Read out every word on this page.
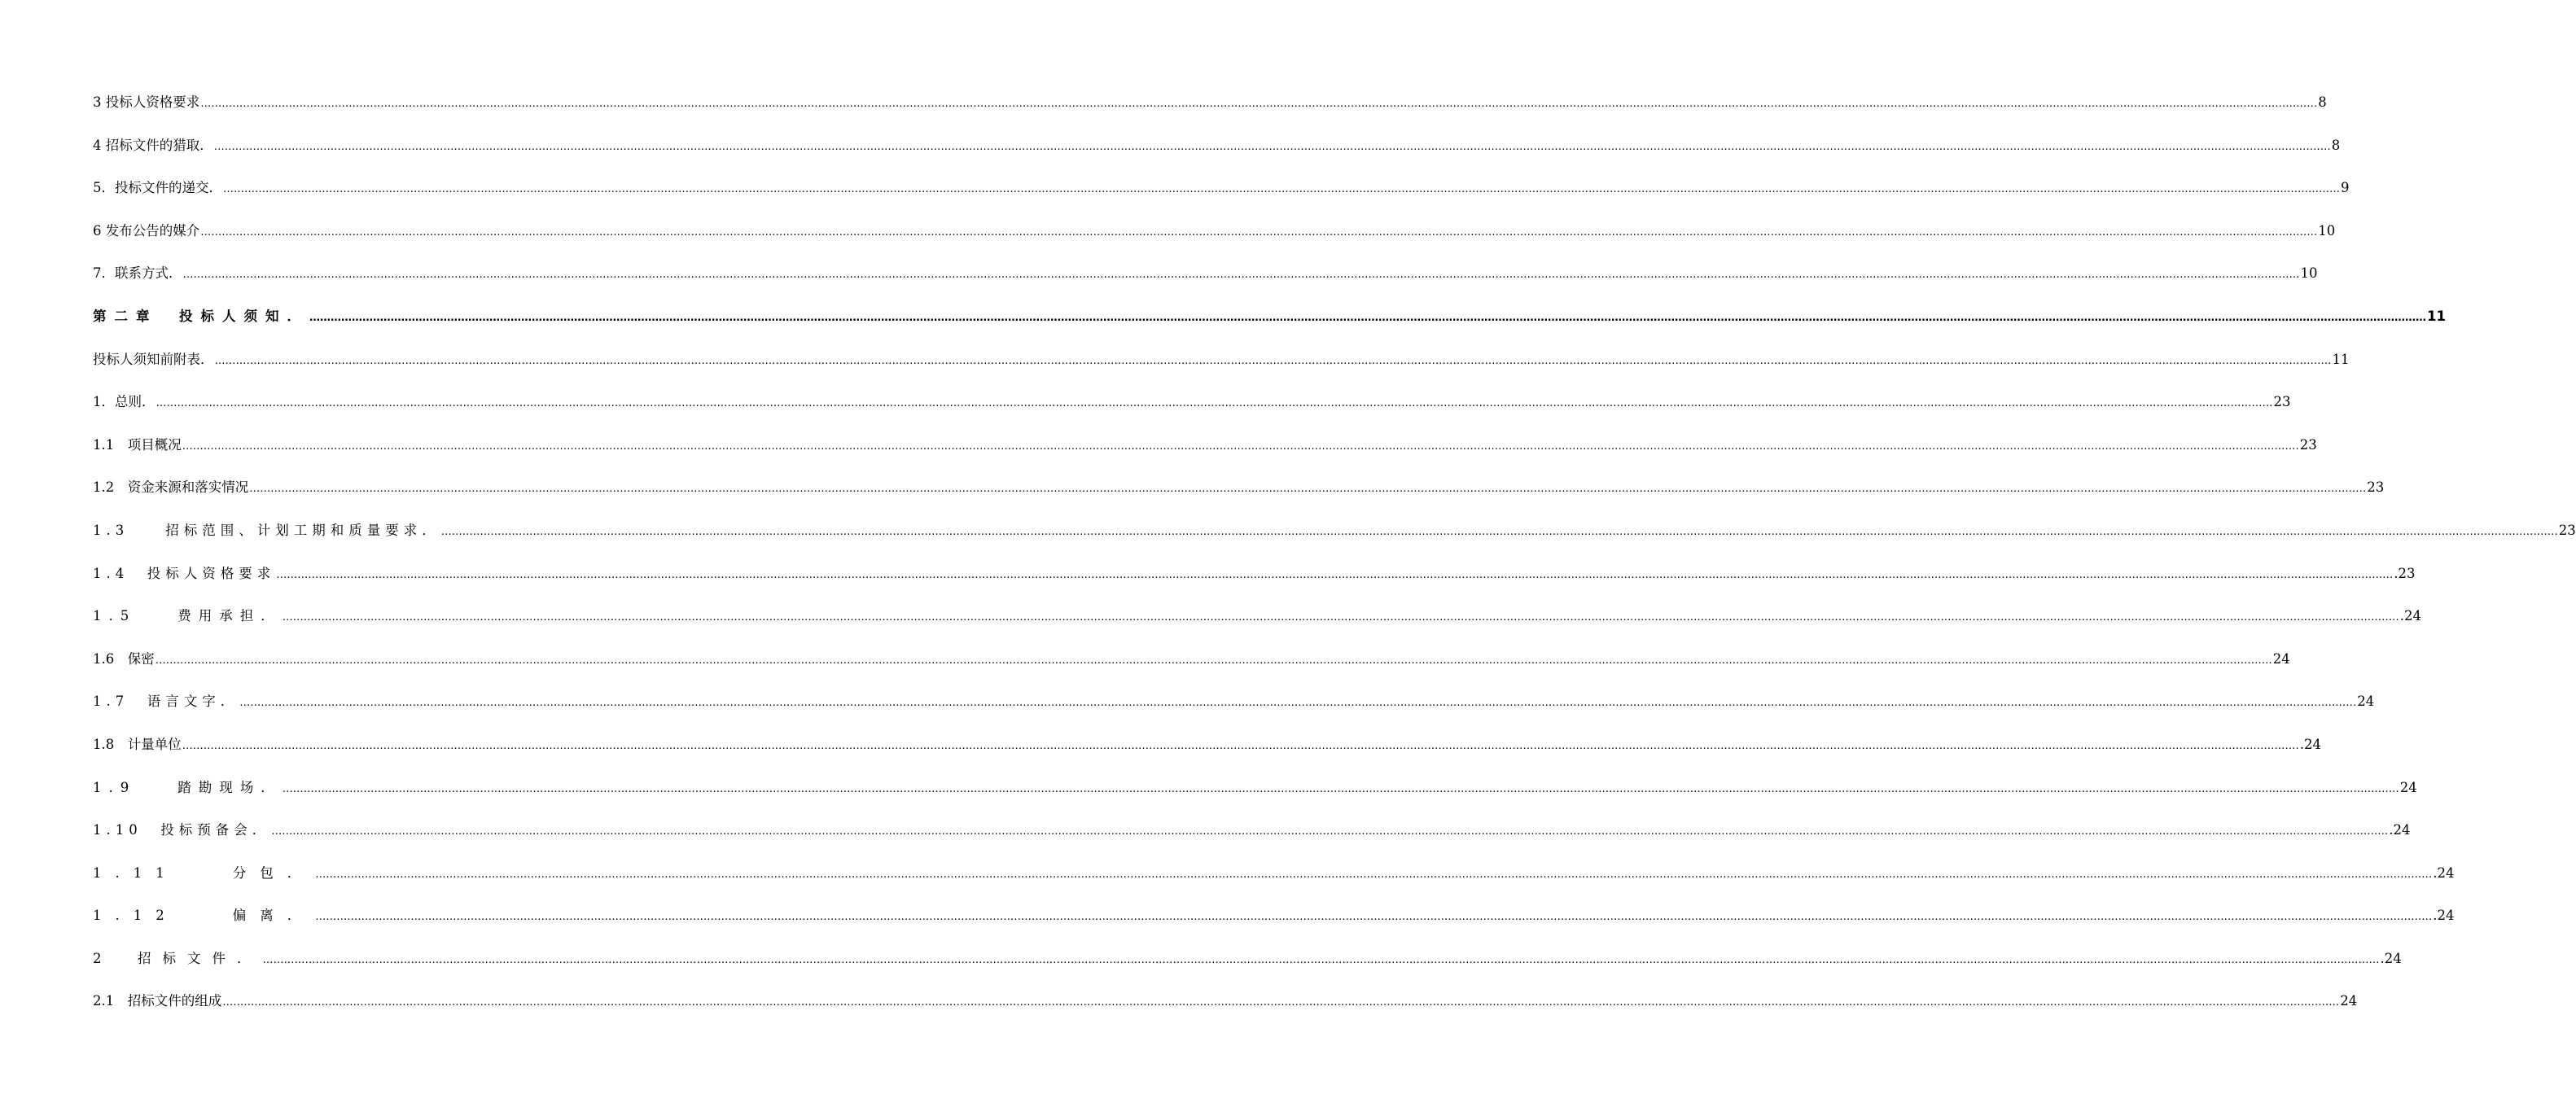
3 投标人资格要求 …………………………………………………………………………………………………………………………………………………………………………………………………………………………………………………………………………………………………………………………………………………………………………………………………………………………………………………………………………………………………………………………………………………… 8
4 招标文件的猎取． …………………………………………………………………………………………………………………………………………………………………………………………………………………………………………………………………………………………………………………………………………………………………………………………………………………………………………………………………………………………………………………………………………………… 8
5．投标文件的递交． …………………………………………………………………………………………………………………………………………………………………………………………………………………………………………………………………………………………………………………………………………………………………………………………………………………………………………………………………………………………………………………………………………………… 9
6 发布公告的媒介 …………………………………………………………………………………………………………………………………………………………………………………………………………………………………………………………………………………………………………………………………………………………………………………………………………………………………………………………………………………………………………………………………………………… 10
7．联系方式． …………………………………………………………………………………………………………………………………………………………………………………………………………………………………………………………………………………………………………………………………………………………………………………………………………………………………………………………………………………………………………………………………………………… 10
第二章　投标人须知． …………………………………………………………………………………………………………………………………………………………………………………………………………………………………………………………………………………………………………………………………………………………………………………………………………………………………………………………………………………………………………………………………………………… 11
投标人须知前附表． …………………………………………………………………………………………………………………………………………………………………………………………………………………………………………………………………………………………………………………………………………………………………………………………………………………………………………………………………………………………………………………………………………………… 11
1．总则． …………………………………………………………………………………………………………………………………………………………………………………………………………………………………………………………………………………………………………………………………………………………………………………………………………………………………………………………………………………………………………………………………………………… 23
1.1　项目概况 …………………………………………………………………………………………………………………………………………………………………………………………………………………………………………………………………………………………………………………………………………………………………………………………………………………………………………………………………………………………………………………………………………………… 23
1.2　资金来源和落实情况 …………………………………………………………………………………………………………………………………………………………………………………………………………………………………………………………………………………………………………………………………………………………………………………………………………………………………………………………………………………………………………………………………………………… 23
1.3　　招标范围、计划工期和质量要求． …………………………………………………………………………………………………………………………………………………………………………………………………………………………………………………………………………………………………………………………………………………………………………………………………………………………………………………………………………………………………………………………………………………… 23
1.4　投标人资格要求 …………………………………………………………………………………………………………………………………………………………………………………………………………………………………………………………………………………………………………………………………………………………………………………………………………………………………………………………………………………………………………………………………………………… .23
1.5　　费用承担． …………………………………………………………………………………………………………………………………………………………………………………………………………………………………………………………………………………………………………………………………………………………………………………………………………………………………………………………………………………………………………………………………………………… .24
1.6　保密 …………………………………………………………………………………………………………………………………………………………………………………………………………………………………………………………………………………………………………………………………………………………………………………………………………………………………………………………………………………………………………………………………………………… 24
1.7　语言文字． …………………………………………………………………………………………………………………………………………………………………………………………………………………………………………………………………………………………………………………………………………………………………………………………………………………………………………………………………………………………………………………………………………………… 24
1.8　计量单位 …………………………………………………………………………………………………………………………………………………………………………………………………………………………………………………………………………………………………………………………………………………………………………………………………………………………………………………………………………………………………………………………………………………… .24
1.9　　踏勘现场． …………………………………………………………………………………………………………………………………………………………………………………………………………………………………………………………………………………………………………………………………………………………………………………………………………………………………………………………………………………………………………………………………………………… 24
1.10　投标预备会． …………………………………………………………………………………………………………………………………………………………………………………………………………………………………………………………………………………………………………………………………………………………………………………………………………………………………………………………………………………………………………………………………………………… .24
1.11　　分包． …………………………………………………………………………………………………………………………………………………………………………………………………………………………………………………………………………………………………………………………………………………………………………………………………………………………………………………………………………………………………………………………………………………… .24
1.12　　偏离． …………………………………………………………………………………………………………………………………………………………………………………………………………………………………………………………………………………………………………………………………………………………………………………………………………………………………………………………………………………………………………………………………………………… .24
2　招标文件． …………………………………………………………………………………………………………………………………………………………………………………………………………………………………………………………………………………………………………………………………………………………………………………………………………………………………………………………………………………………………………………………………………………… .24
2.1　招标文件的组成 …………………………………………………………………………………………………………………………………………………………………………………………………………………………………………………………………………………………………………………………………………………………………………………………………………………………………………………………………………………………………………………………………………………… 24
